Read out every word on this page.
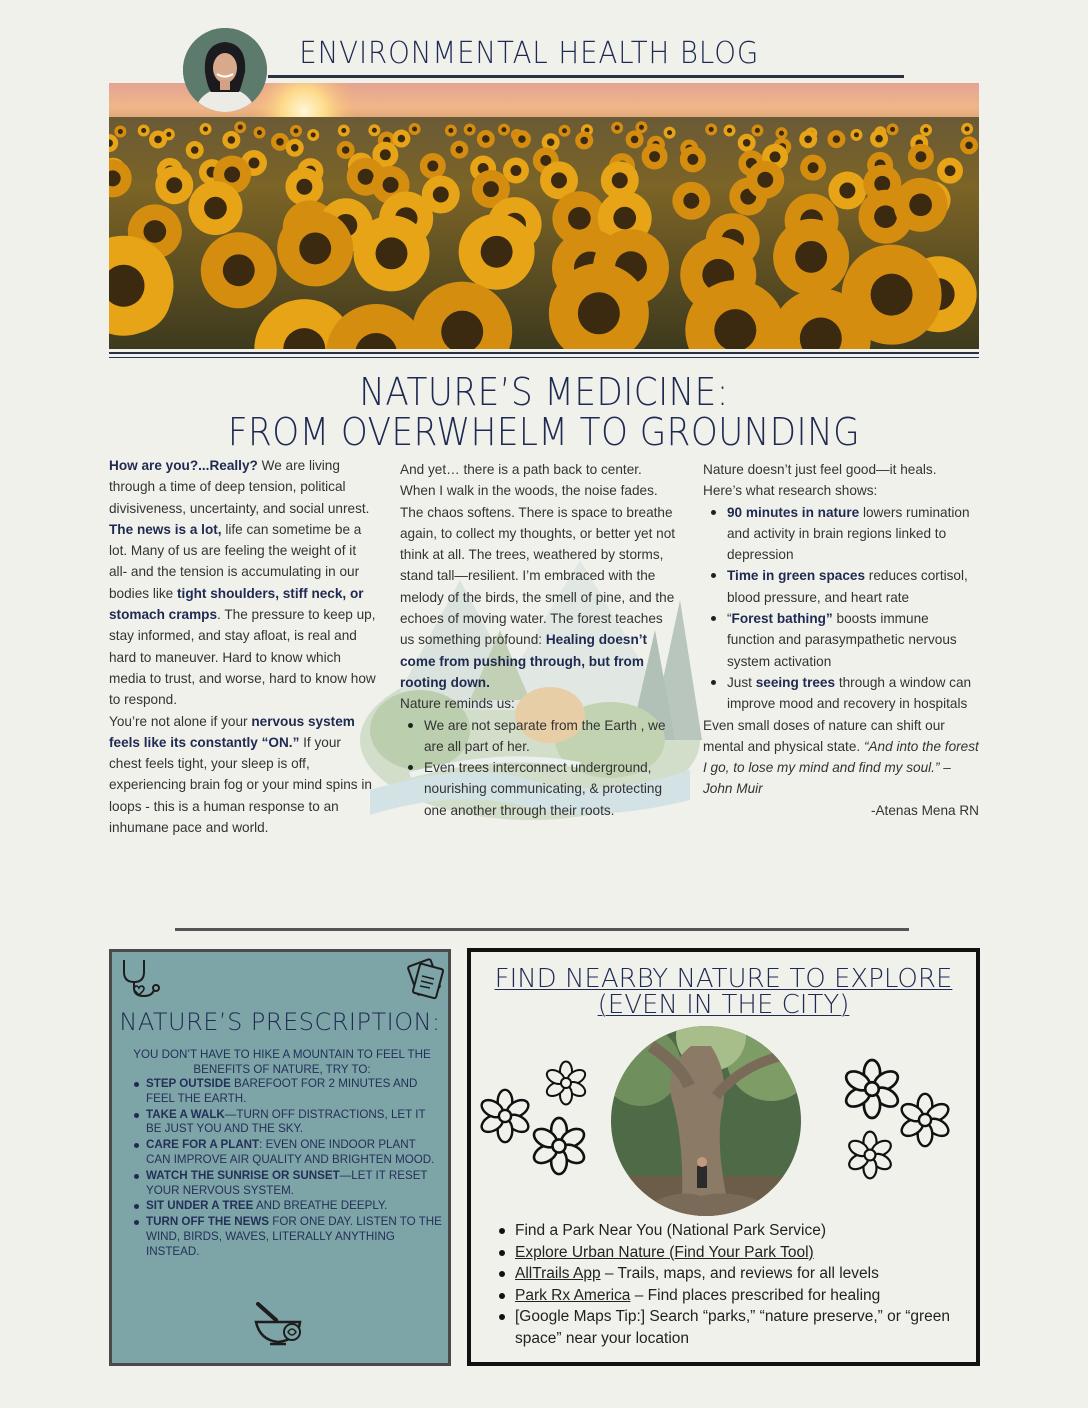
ENVIRONMENTAL HEALTH BLOG
NATURE’S MEDICINE:
FROM OVERWHELM TO GROUNDING

How are you?...Really? We are living through a time of deep tension, political divisiveness, uncertainty, and social unrest. The news is a lot, life can sometime be a lot. Many of us are feeling the weight of it all- and the tension is accumulating in our bodies like tight shoulders, stiff neck, or stomach cramps. The pressure to keep up, stay informed, and stay afloat, is real and hard to maneuver. Hard to know which media to trust, and worse, hard to know how to respond.

You’re not alone if your nervous system feels like its constantly “ON.” If your chest feels tight, your sleep is off, experiencing brain fog or your mind spins in loops - this is a human response to an inhumane pace and world.

And yet… there is a path back to center.

When I walk in the woods, the noise fades. The chaos softens. There is space to breathe again, to collect my thoughts, or better yet not think at all. The trees, weathered by storms, stand tall—resilient. I’m embraced with the melody of the birds, the smell of pine, and the echoes of moving water. The forest teaches us something profound: Healing doesn’t come from pushing through, but from rooting down.

Nature reminds us:

We are not separate from the Earth , we are all part of her.
Even trees interconnect underground, nourishing communicating, & protecting one another through their roots.

Nature doesn’t just feel good—it heals. Here’s what research shows:

90 minutes in nature lowers rumination and activity in brain regions linked to depression
Time in green spaces reduces cortisol, blood pressure, and heart rate
“Forest bathing” boosts immune function and parasympathetic nervous system activation
Just seeing trees through a window can improve mood and recovery in hospitals

Even small doses of nature can shift our mental and physical state. “And into the forest I go, to lose my mind and find my soul.” – John Muir

-Atenas Mena RN
NATURE’S PRESCRIPTION:
YOU DON’T HAVE TO HIKE A MOUNTAIN TO FEEL THE BENEFITS OF NATURE, TRY TO:
STEP OUTSIDE BAREFOOT FOR 2 MINUTES AND FEEL THE EARTH.
TAKE A WALK—TURN OFF DISTRACTIONS, LET IT BE JUST YOU AND THE SKY.
CARE FOR A PLANT: EVEN ONE INDOOR PLANT CAN IMPROVE AIR QUALITY AND BRIGHTEN MOOD.
WATCH THE SUNRISE OR SUNSET—LET IT RESET YOUR NERVOUS SYSTEM.
SIT UNDER A TREE AND BREATHE DEEPLY.
TURN OFF THE NEWS FOR ONE DAY. LISTEN TO THE WIND, BIRDS, WAVES, LITERALLY ANYTHING INSTEAD.
FIND NEARBY NATURE TO EXPLORE (EVEN IN THE CITY)
Find a Park Near You (National Park Service)
Explore Urban Nature (Find Your Park Tool)
AllTrails App – Trails, maps, and reviews for all levels
Park Rx America – Find places prescribed for healing
[Google Maps Tip:] Search “parks,” “nature preserve,” or “green space” near your location
